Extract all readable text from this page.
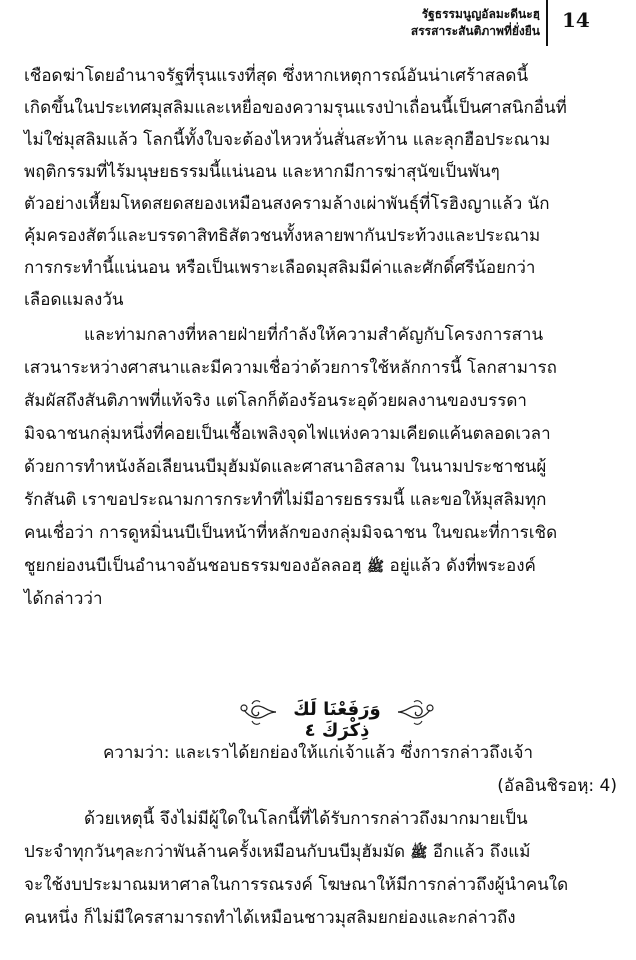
รัฐธรรมนูญอัลมะดีนะฮฺ
สรรสาระสันติภาพที่ยั่งยืน 14
เชือดฆ่าโดยอำนาจรัฐที่รุนแรงที่สุด ซึ่งหากเหตุการณ์อันน่าเศร้าสลดนี้
เกิดขึ้นในประเทศมุสลิมและเหยื่อของความรุนแรงป่าเถื่อนนี้เป็นศาสนิกอื่นที่
ไม่ใช่มุสลิมแล้ว โลกนี้ทั้งใบจะต้องไหวหวั่นสั่นสะท้าน และลุกฮือประณาม
พฤติกรรมที่ไร้มนุษยธรรมนี้แน่นอน และหากมีการฆ่าสุนัขเป็นพันๆ
ตัวอย่างเหี้ยมโหดสยดสยองเหมือนสงครามล้างเผ่าพันธุ์ที่โรฮิงญาแล้ว นัก
คุ้มครองสัตว์และบรรดาสิทธิสัตวชนทั้งหลายพากันประท้วงและประณาม
การกระทำนี้แน่นอน หรือเป็นเพราะเลือดมุสลิมมีค่าและศักดิ์ศรีน้อยกว่า
เลือดแมลงวัน
และท่ามกลางที่หลายฝ่ายที่กำลังให้ความสำคัญกับโครงการสาน
เสวนาระหว่างศาสนาและมีความเชื่อว่าด้วยการใช้หลักการนี้ โลกสามารถ
สัมผัสถึงสันติภาพที่แท้จริง แต่โลกก็ต้องร้อนระอุด้วยผลงานของบรรดา
มิจฉาชนกลุ่มหนึ่งที่คอยเป็นเชื้อเพลิงจุดไฟแห่งความเคียดแค้นตลอดเวลา
ด้วยการทำหนังล้อเลียนนบีมุฮัมมัดและศาสนาอิสลาม ในนามประชาชนผู้
รักสันติ เราขอประณามการกระทำที่ไม่มีอารยธรรมนี้ และขอให้มุสลิมทุก
คนเชื่อว่า การดูหมิ่นนบีเป็นหน้าที่หลักของกลุ่มมิจฉาชน ในขณะที่การเชิด
ชูยกย่องนบีเป็นอำนาจอันชอบธรรมของอัลลอฮฺ ﷺ อยู่แล้ว ดังที่พระองค์
ได้กล่าวว่า
وَرَفَعْنَا لَكَ ذِكْرَكَ ٤
ความว่า: และเราได้ยกย่องให้แก่เจ้าแล้ว ซึ่งการกล่าวถึงเจ้า
(อัลอินชิรอหฺ: 4)
ด้วยเหตุนี้ จึงไม่มีผู้ใดในโลกนี้ที่ได้รับการกล่าวถึงมากมายเป็น
ประจำทุกวันๆละกว่าพันล้านครั้งเหมือนกับนบีมุฮัมมัด ﷺ อีกแล้ว ถึงแม้
จะใช้งบประมาณมหาศาลในการรณรงค์ โฆษณาให้มีการกล่าวถึงผู้นำคนใด
คนหนึ่ง ก็ไม่มีใครสามารถทำได้เหมือนชาวมุสลิมยกย่องและกล่าวถึง
